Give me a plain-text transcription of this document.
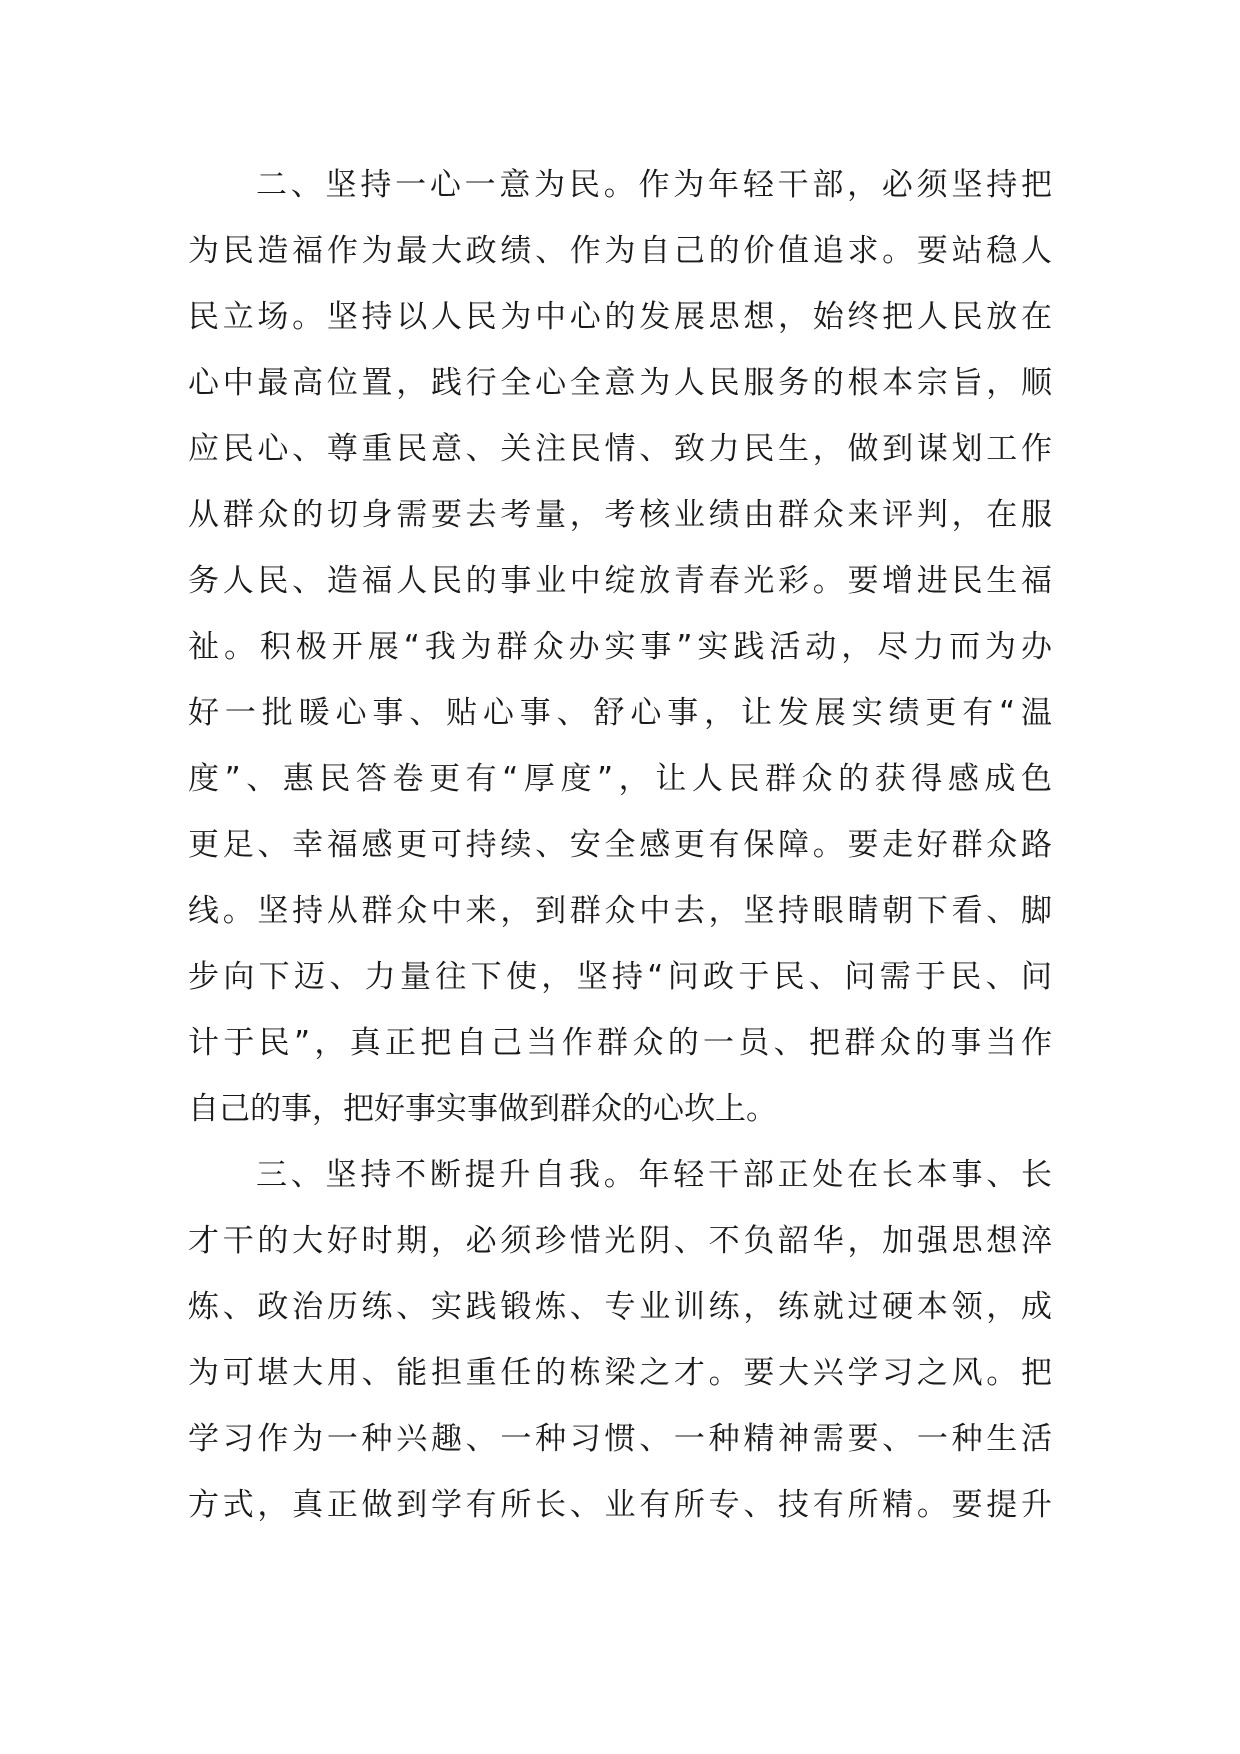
二、坚持一心一意为民。作为年轻干部，必须坚持把
为民造福作为最大政绩、作为自己的价值追求。要站稳人
民立场。坚持以人民为中心的发展思想，始终把人民放在
心中最高位置，践行全心全意为人民服务的根本宗旨，顺
应民心、尊重民意、关注民情、致力民生，做到谋划工作
从群众的切身需要去考量，考核业绩由群众来评判，在服
务人民、造福人民的事业中绽放青春光彩。要增进民生福
祉。积极开展“我为群众办实事”实践活动，尽力而为办
好一批暖心事、贴心事、舒心事，让发展实绩更有“温
度”、惠民答卷更有“厚度”，让人民群众的获得感成色
更足、幸福感更可持续、安全感更有保障。要走好群众路
线。坚持从群众中来，到群众中去，坚持眼睛朝下看、脚
步向下迈、力量往下使，坚持“问政于民、问需于民、问
计于民”，真正把自己当作群众的一员、把群众的事当作
自己的事，把好事实事做到群众的心坎上。
三、坚持不断提升自我。年轻干部正处在长本事、长
才干的大好时期，必须珍惜光阴、不负韶华，加强思想淬
炼、政治历练、实践锻炼、专业训练，练就过硬本领，成
为可堪大用、能担重任的栋梁之才。要大兴学习之风。把
学习作为一种兴趣、一种习惯、一种精神需要、一种生活
方式，真正做到学有所长、业有所专、技有所精。要提升
